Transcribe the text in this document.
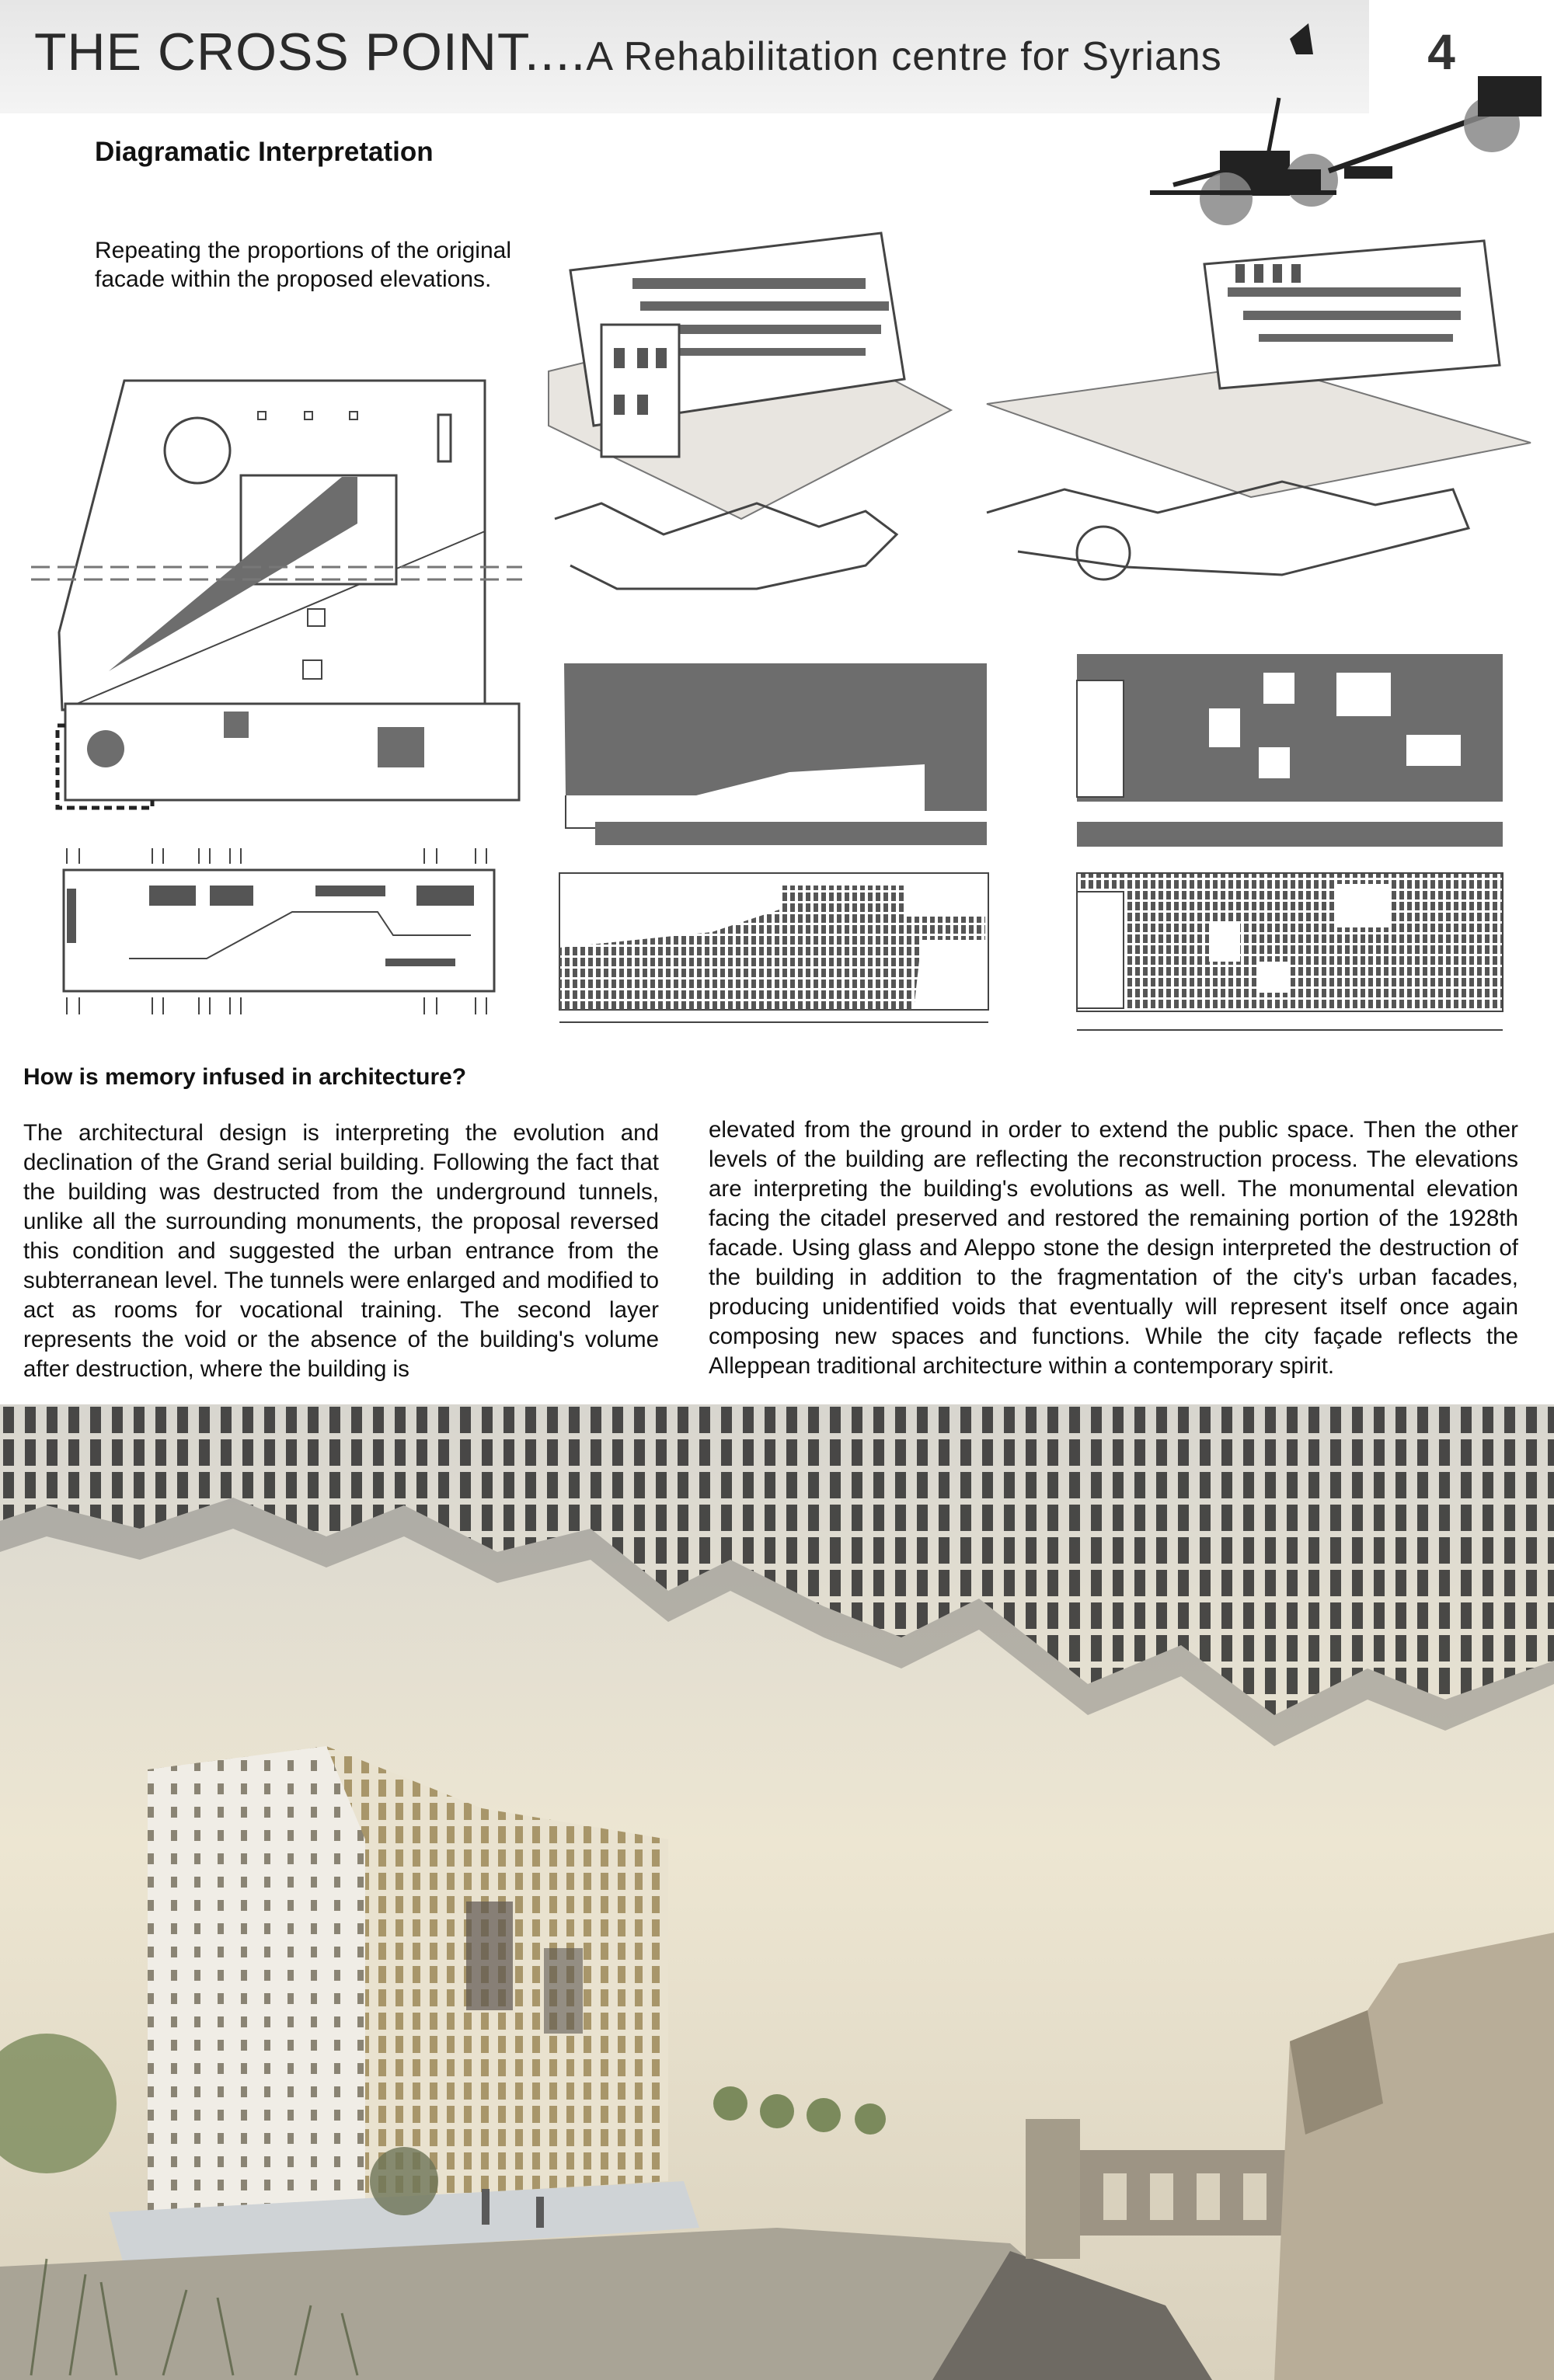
THE CROSS POINT....A Rehabilitation centre for Syrians	4
Diagramatic Interpretation
Repeating the proportions of the original facade within the proposed elevations.
How is memory infused in architecture?
The architectural design is interpreting the evolution and declination of the Grand serial building. Following the fact that the building was destructed from the underground tunnels, unlike all the surrounding monuments, the proposal reversed this condition and suggested the urban entrance from the subterranean level. The tunnels were enlarged and modified to act as rooms for vocational training. The second layer represents the void or the absence of the building's volume after destruction, where the building is
elevated from the ground in order to extend the public space. Then the other levels of the building are reflecting the reconstruction process. The elevations are interpreting the building's evolutions as well. The monumental elevation facing the citadel preserved and restored the remaining portion of the 1928th facade. Using glass and Aleppo stone the design interpreted the destruction of the building in addition to the fragmentation of the city's urban facades, producing unidentified voids that eventually will represent itself once again composing new spaces and functions. While the city façade reflects the Alleppean traditional architecture within a contemporary spirit.
